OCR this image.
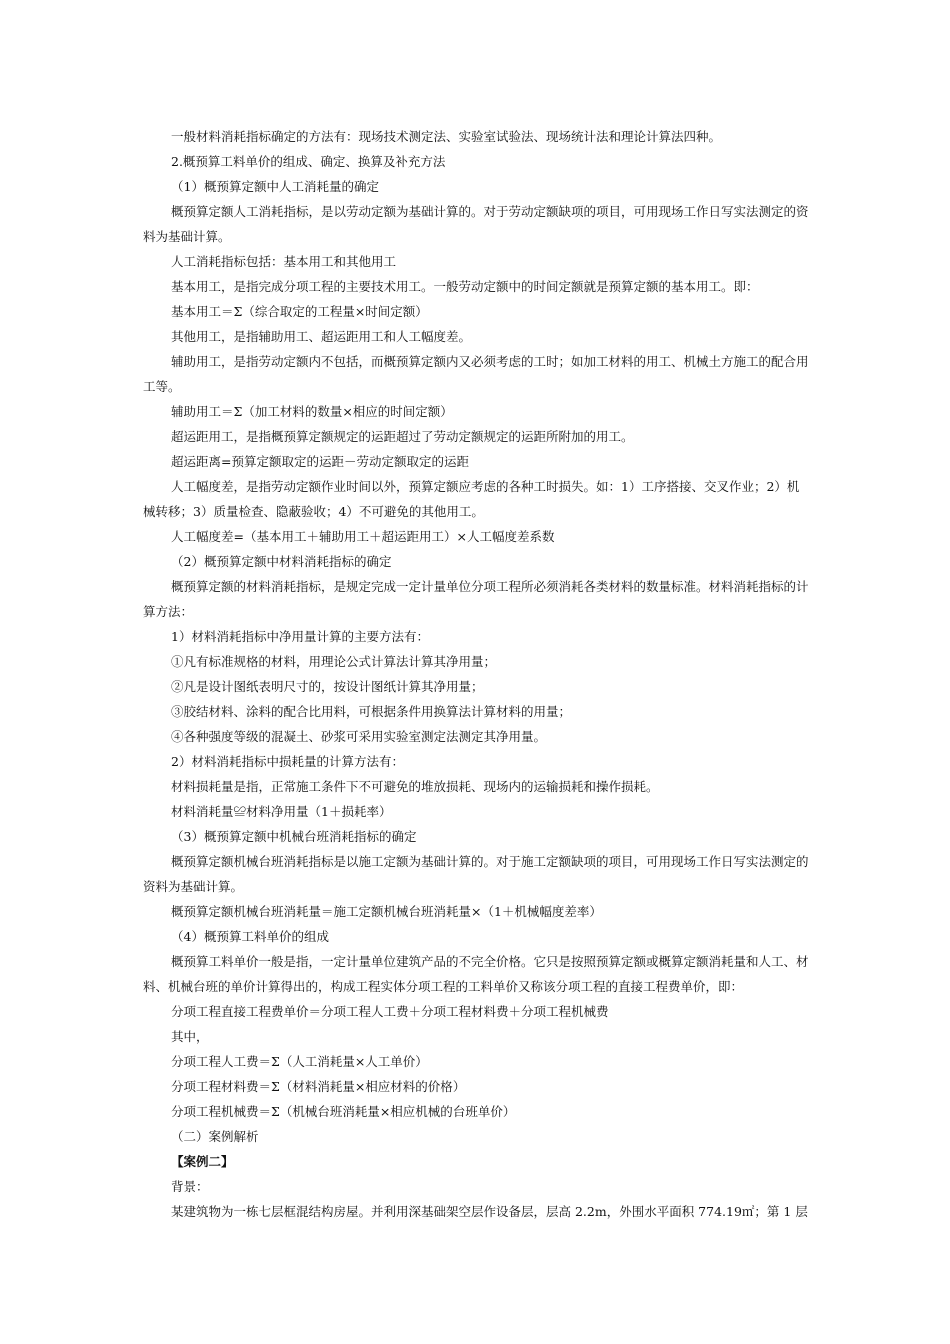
一般材料消耗指标确定的方法有：现场技术测定法、实验室试验法、现场统计法和理论计算法四种。

2.概预算工料单价的组成、确定、换算及补充方法

（1）概预算定额中人工消耗量的确定

概预算定额人工消耗指标，是以劳动定额为基础计算的。对于劳动定额缺项的项目，可用现场工作日写实法测定的资料为基础计算。

人工消耗指标包括：基本用工和其他用工

基本用工，是指完成分项工程的主要技术用工。一般劳动定额中的时间定额就是预算定额的基本用工。即：

基本用工＝Σ（综合取定的工程量×时间定额）

其他用工，是指辅助用工、超运距用工和人工幅度差。

辅助用工，是指劳动定额内不包括，而概预算定额内又必须考虑的工时；如加工材料的用工、机械土方施工的配合用工等。

辅助用工＝Σ（加工材料的数量×相应的时间定额）

超运距用工，是指概预算定额规定的运距超过了劳动定额规定的运距所附加的用工。

超运距离=预算定额取定的运距－劳动定额取定的运距

人工幅度差，是指劳动定额作业时间以外，预算定额应考虑的各种工时损失。如：1）工序搭接、交叉作业；2）机械转移；3）质量检查、隐蔽验收；4）不可避免的其他用工。

人工幅度差=（基本用工＋辅助用工＋超运距用工）×人工幅度差系数

（2）概预算定额中材料消耗指标的确定

概预算定额的材料消耗指标，是规定完成一定计量单位分项工程所必须消耗各类材料的数量标准。材料消耗指标的计算方法：

1）材料消耗指标中净用量计算的主要方法有：

①凡有标准规格的材料，用理论公式计算法计算其净用量；

②凡是设计图纸表明尺寸的，按设计图纸计算其净用量；

③胶结材料、涂料的配合比用料，可根据条件用换算法计算材料的用量；

④各种强度等级的混凝土、砂浆可采用实验室测定法测定其净用量。

2）材料消耗指标中损耗量的计算方法有：

材料损耗量是指，正常施工条件下不可避免的堆放损耗、现场内的运输损耗和操作损耗。

材料消耗量≌材料净用量（1＋损耗率）

（3）概预算定额中机械台班消耗指标的确定

概预算定额机械台班消耗指标是以施工定额为基础计算的。对于施工定额缺项的项目，可用现场工作日写实法测定的资料为基础计算。

概预算定额机械台班消耗量＝施工定额机械台班消耗量×（1＋机械幅度差率）

（4）概预算工料单价的组成

概预算工料单价一般是指，一定计量单位建筑产品的不完全价格。它只是按照预算定额或概算定额消耗量和人工、材料、机械台班的单价计算得出的，构成工程实体分项工程的工料单价又称该分项工程的直接工程费单价，即：

分项工程直接工程费单价＝分项工程人工费＋分项工程材料费＋分项工程机械费

其中，

分项工程人工费＝Σ（人工消耗量×人工单价）

分项工程材料费＝Σ（材料消耗量×相应材料的价格）

分项工程机械费＝Σ（机械台班消耗量×相应机械的台班单价）

（二）案例解析

【案例二】

背景：

某建筑物为一栋七层框混结构房屋。并利用深基础架空层作设备层，层高 2.2m，外围水平面积 774.19㎡；第 1 层
